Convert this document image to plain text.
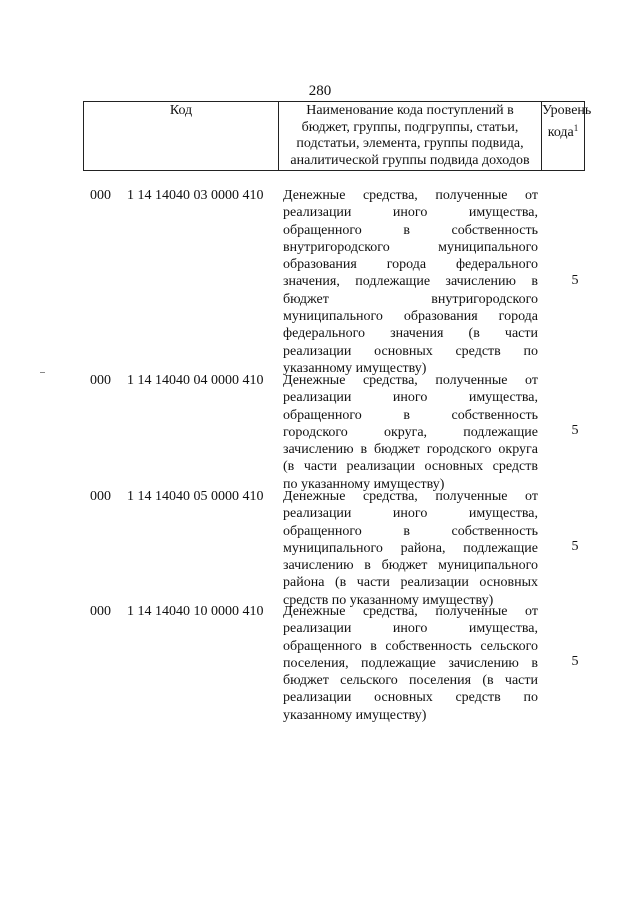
280
Код	Наименование кода поступлений в
бюджет, группы, подгруппы, статьи,
подстатьи, элемента, группы подвида,
аналитической группы подвида доходов
Уровень
кода$^1$
000 1 14 14040 03 0000 410 Денежные средства, полученные от
реализации иного имущества,
обращенного в собственность
внутригородского муниципального
образования города федерального
значения, подлежащие зачислению в
бюджет внутригородского
муниципального образования города
федерального значения (в части
реализации основных средств по
указанному имуществу)
5
000 1 14 14040 04 0000 410 Денежные средства, полученные от
реализации иного имущества,
обращенного в собственность
городского округа, подлежащие
зачислению в бюджет городского округа
(в части реализации основных средств
по указанному имуществу)
5
000 1 14 14040 05 0000 410 Денежные средства, полученные от
реализации иного имущества,
обращенного в собственность
муниципального района, подлежащие
зачислению в бюджет муниципального
района (в части реализации основных
средств по указанному имуществу)
5
000 1 14 14040 10 0000 410 Денежные средства, полученные от
реализации иного имущества,
обращенного в собственность сельского
поселения, подлежащие зачислению в
бюджет сельского поселения (в части
реализации основных средств по
указанному имуществу)
5
